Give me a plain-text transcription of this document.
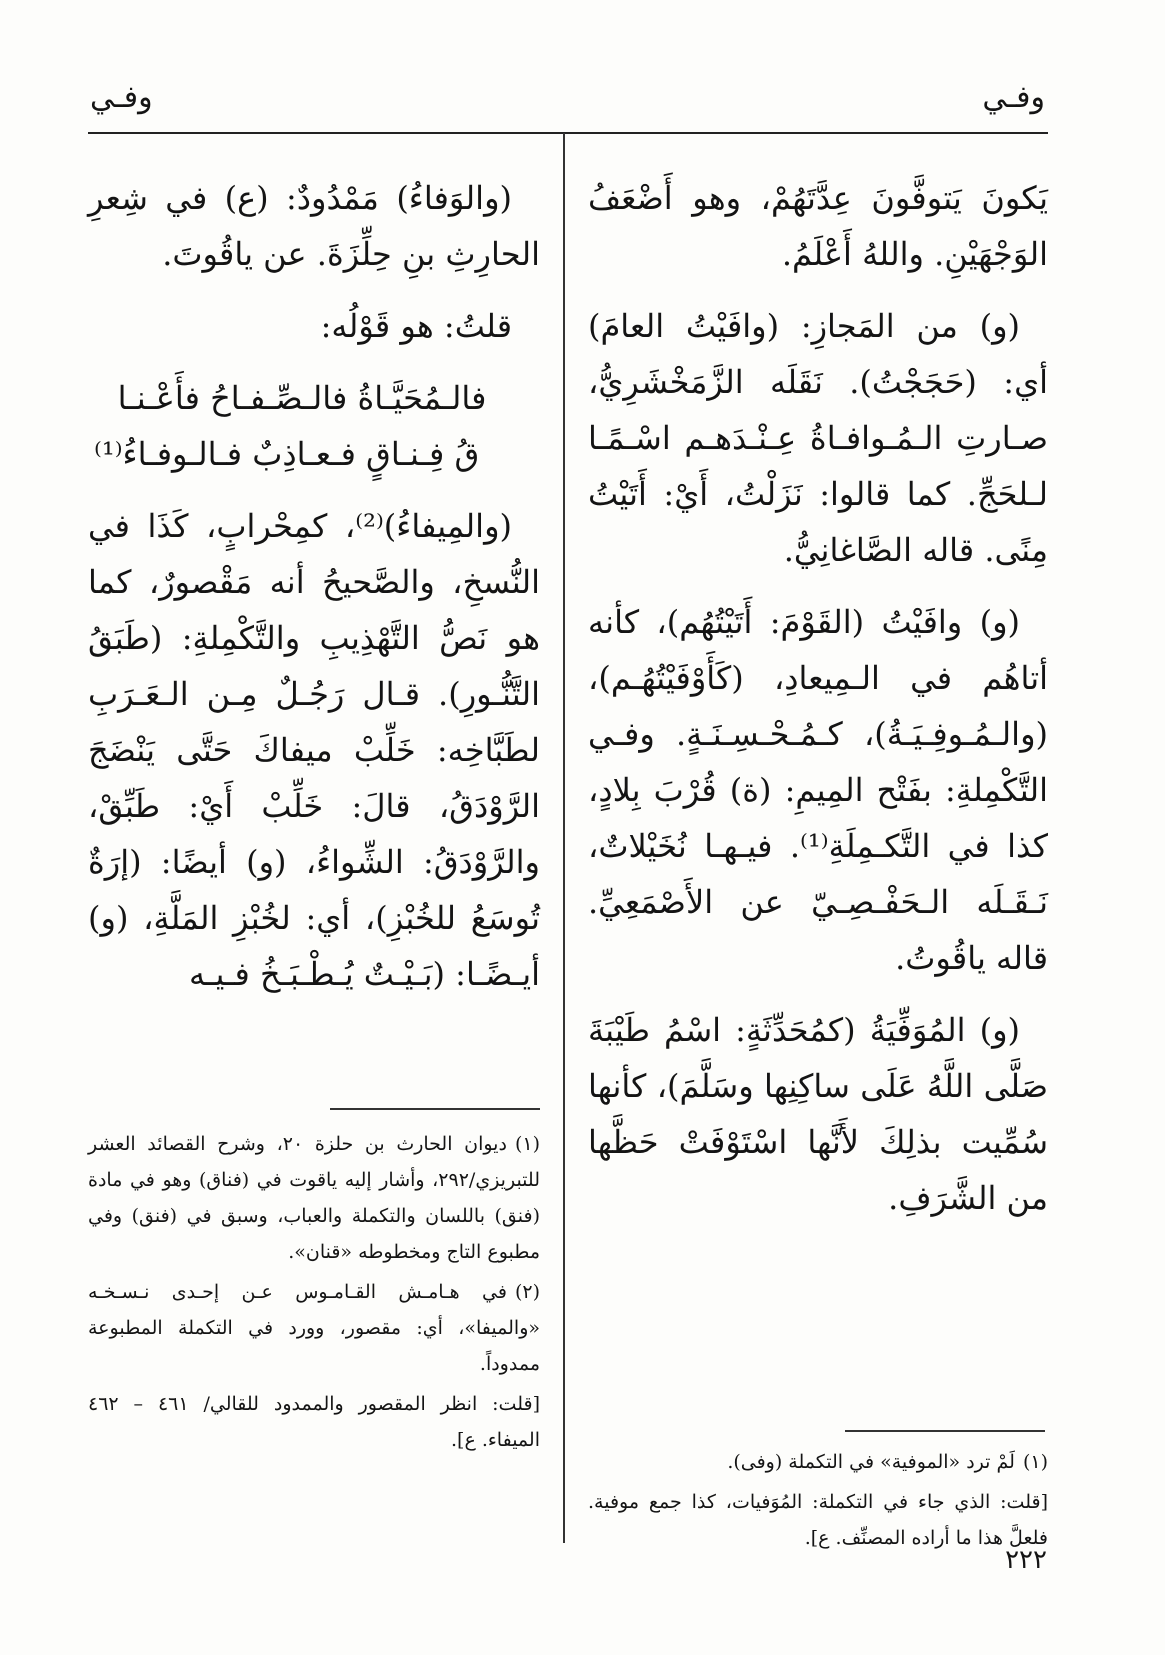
وفـي
وفـي

يَكونَ يَتوفَّونَ عِدَّتَهُمْ، وهو أَضْعَفُ الوَجْهَيْنِ. واللهُ أَعْلَمُ.

(و) من المَجازِ: (وافَيْتُ العامَ) أي: (حَجَجْتُ). نَقَلَه الزَّمَخْشَرِيُّ، صـارتِ الـمُـوافـاةُ عِـنْـدَهـم اسْـمًـا لـلحَجِّ. كما قالوا: نَزَلْتُ، أَيْ: أَتَيْتُ مِنًى. قاله الصَّاغانِيُّ.

(و) وافَيْتُ (القَوْمَ: أَتَيْتُهُم)، كأنه أتاهُم في الـمِيعادِ، (كَأَوْفَيْتُهُـم)، (والـمُـوفِـيَـةُ)، كـمُـحْـسِـنَـةٍ. وفـي التَّكْمِلةِ: بفَتْح المِيمِ: (ة) قُرْبَ بِلادٍ، كذا في التَّكـمِلَةِ⁽¹⁾. فيـهـا نُخَيْلاتٌ، نَـقَـلَه الـحَفْـصِـيّ عن الأَصْمَعِيِّ. قاله ياقُوتُ.

(و) المُوَفِّيَةُ (كمُحَدِّثَةٍ: اسْمُ طَيْبَةَ صَلَّى اللَّهُ عَلَى ساكِنِها وسَلَّمَ)، كأنها سُمِّيت بذلِكَ لأَنَّها اسْتَوْفَتْ حَظَّها من الشَّرَفِ.

(والوَفاءُ) مَمْدُودٌ: (ع) في شِعرِ الحارِثِ بنِ حِلِّزَةَ. عن ياقُوتَ.

قلتُ: هو قَوْلُه:

فالـمُحَيَّـاةُ فالـصِّـفـاحُ فأَعْـنـا
قُ فِـنـاقٍ فـعـاذِبٌ فـالـوفـاءُ⁽¹⁾

(والمِيفاءُ)⁽²⁾، كمِحْرابٍ، كَذَا في النُّسخِ، والصَّحيحُ أنه مَقْصورٌ، كما هو نَصُّ التَّهْذِيبِ والتَّكْمِلةِ: (طَبَقُ التَّنُّـورِ). قـال رَجُـلٌ مِـن الـعَـرَبِ لطَبَّاخِه: خَلِّبْ ميفاكَ حَتَّى يَنْضَجَ الرَّوْدَقُ، قالَ: خَلِّبْ أَيْ: طَبِّقْ، والرَّوْدَقُ: الشِّواءُ، (و) أيضًا: (إرَةٌ تُوسَعُ للخُبْزِ)، أي: لخُبْزِ المَلَّةِ، (و) أيـضًـا: (بَـيْـتٌ يُـطْـبَـخُ فـيـه

(١)ديوان الحارث بن حلزة ٢٠، وشرح القصائد العشر للتبريزي/٢٩٢، وأشار إليه ياقوت في (فناق) وهو في مادة (فنق) باللسان والتكملة والعباب، وسبق في (فنق) وفي مطبوع التاج ومخطوطه «قنان».

(٢)في هـامـش القـامـوس عـن إحـدى نـسـخـه «والميفا»، أي: مقصور، وورد في التكملة المطبوعة ممدوداً.

[قلت: انظر المقصور والممدود للقالي/ ٤٦١ – ٤٦٢ الميفاء. ع].

(١)لَمْ ترد «الموفية» في التكملة (وفى).

[قلت: الذي جاء في التكملة: المُوَفيات، كذا جمع موفية. فلعلَّ هذا ما أراده المصنِّف. ع].

٢٢٢
